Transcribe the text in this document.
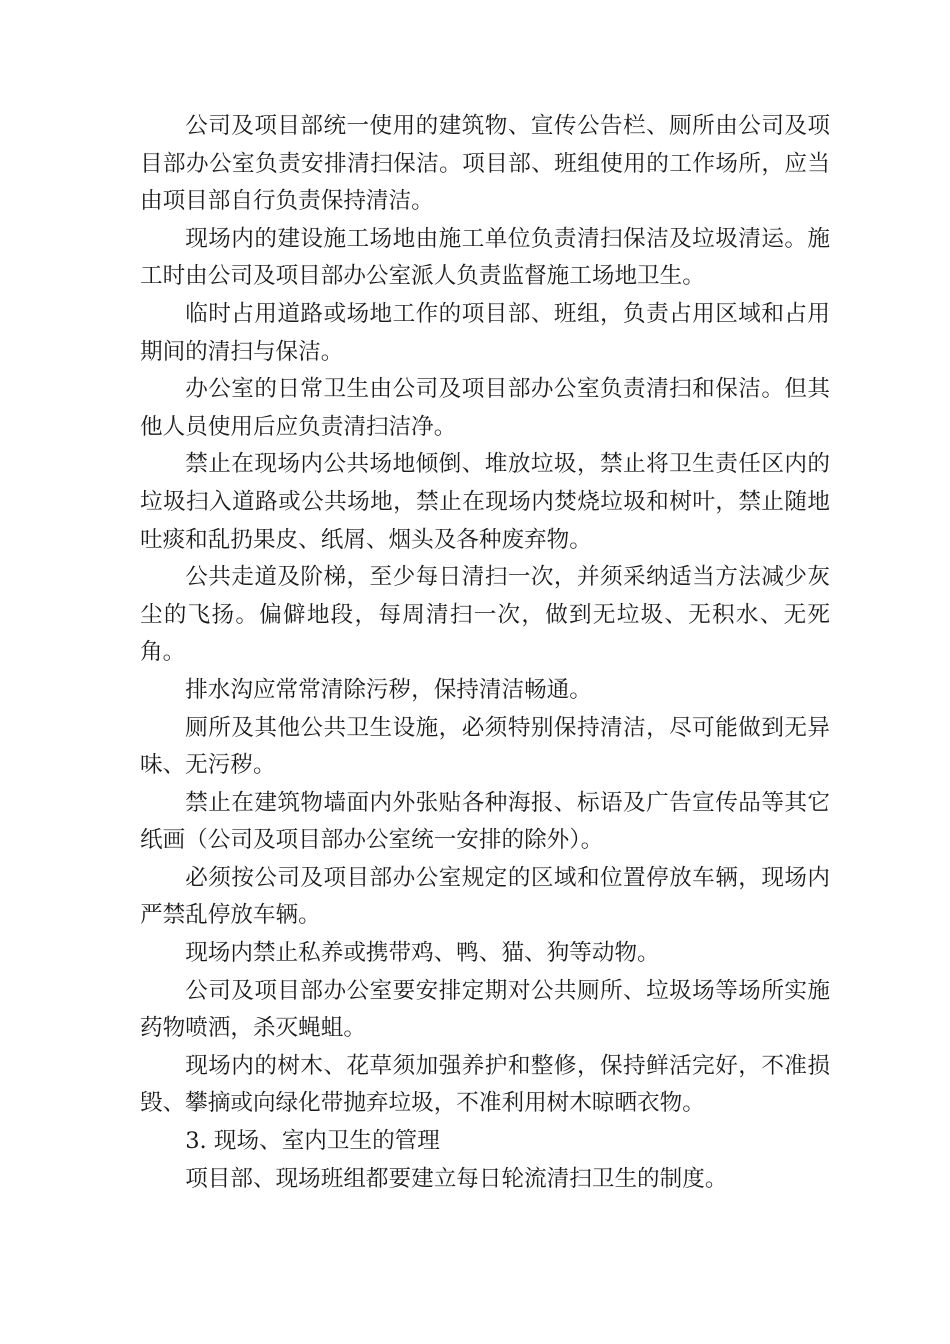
公司及项目部统一使用的建筑物、宣传公告栏、厕所由公司及项目部办公室负责安排清扫保洁。项目部、班组使用的工作场所，应当由项目部自行负责保持清洁。

现场内的建设施工场地由施工单位负责清扫保洁及垃圾清运。施工时由公司及项目部办公室派人负责监督施工场地卫生。

临时占用道路或场地工作的项目部、班组，负责占用区域和占用期间的清扫与保洁。

办公室的日常卫生由公司及项目部办公室负责清扫和保洁。但其他人员使用后应负责清扫洁净。

禁止在现场内公共场地倾倒、堆放垃圾，禁止将卫生责任区内的垃圾扫入道路或公共场地，禁止在现场内焚烧垃圾和树叶，禁止随地吐痰和乱扔果皮、纸屑、烟头及各种废弃物。

公共走道及阶梯，至少每日清扫一次，并须采纳适当方法减少灰尘的飞扬。偏僻地段，每周清扫一次，做到无垃圾、无积水、无死角。

排水沟应常常清除污秽，保持清洁畅通。

厕所及其他公共卫生设施，必须特别保持清洁，尽可能做到无异味、无污秽。

禁止在建筑物墙面内外张贴各种海报、标语及广告宣传品等其它纸画（公司及项目部办公室统一安排的除外）。

必须按公司及项目部办公室规定的区域和位置停放车辆，现场内严禁乱停放车辆。

现场内禁止私养或携带鸡、鸭、猫、狗等动物。

公司及项目部办公室要安排定期对公共厕所、垃圾场等场所实施药物喷洒，杀灭蝇蛆。

现场内的树木、花草须加强养护和整修，保持鲜活完好，不准损毁、攀摘或向绿化带抛弃垃圾，不准利用树木晾晒衣物。

3. 现场、室内卫生的管理

项目部、现场班组都要建立每日轮流清扫卫生的制度。
